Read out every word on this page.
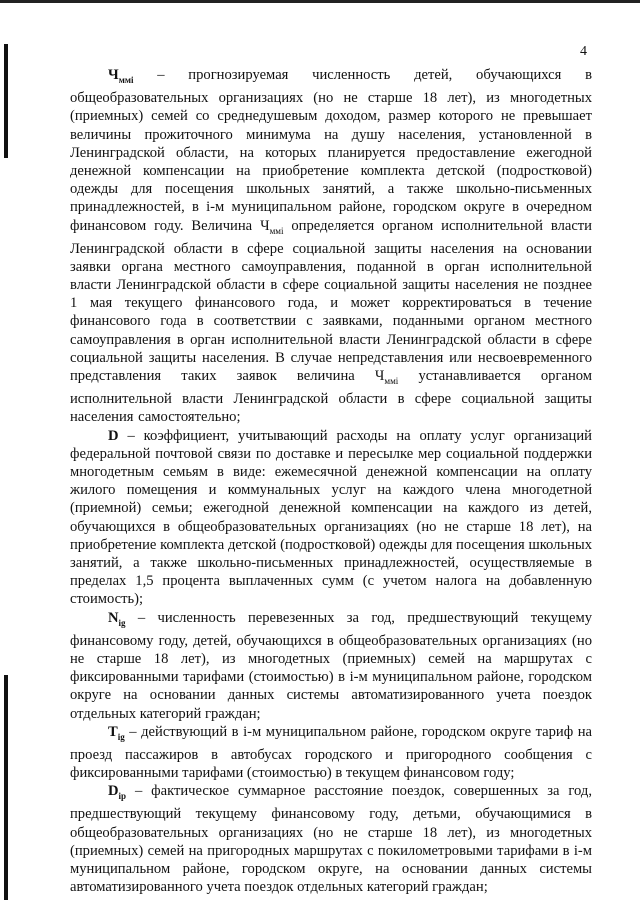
4

$Ч_{ммі}$ – прогнозируемая численность детей, обучающихся в общеобразовательных организациях (но не старше 18 лет), из многодетных (приемных) семей со среднедушевым доходом, размер которого не превышает величины прожиточного минимума на душу населения, установленной в Ленинградской области, на которых планируется предоставление ежегодной денежной компенсации на приобретение комплекта детской (подростковой) одежды для посещения школьных занятий, а также школьно-письменных принадлежностей, в і-м муниципальном районе, городском округе в очередном финансовом году. Величина $Ч_{ммі}$ определяется органом исполнительной власти Ленинградской области в сфере социальной защиты населения на основании заявки органа местного самоуправления, поданной в орган исполнительной власти Ленинградской области в сфере социальной защиты населения не позднее 1 мая текущего финансового года, и может корректироваться в течение финансового года в соответствии с заявками, поданными органом местного самоуправления в орган исполнительной власти Ленинградской области в сфере социальной защиты населения. В случае непредставления или несвоевременного представления таких заявок величина $Ч_{ммі}$ устанавливается органом исполнительной власти Ленинградской области в сфере социальной защиты населения самостоятельно;

D – коэффициент, учитывающий расходы на оплату услуг организаций федеральной почтовой связи по доставке и пересылке мер социальной поддержки многодетным семьям в виде: ежемесячной денежной компенсации на оплату жилого помещения и коммунальных услуг на каждого члена многодетной (приемной) семьи; ежегодной денежной компенсации на каждого из детей, обучающихся в общеобразовательных организациях (но не старше 18 лет), на приобретение комплекта детской (подростковой) одежды для посещения школьных занятий, а также школьно-письменных принадлежностей, осуществляемые в пределах 1,5 процента выплаченных сумм (с учетом налога на добавленную стоимость);

$N_{ig}$ – численность перевезенных за год, предшествующий текущему финансовому году, детей, обучающихся в общеобразовательных организациях (но не старше 18 лет), из многодетных (приемных) семей на маршрутах с фиксированными тарифами (стоимостью) в і-м муниципальном районе, городском округе на основании данных системы автоматизированного учета поездок отдельных категорий граждан;

$T_{ig}$ – действующий в і-м муниципальном районе, городском округе тариф на проезд пассажиров в автобусах городского и пригородного сообщения с фиксированными тарифами (стоимостью) в текущем финансовом году;

$D_{ip}$ – фактическое суммарное расстояние поездок, совершенных за год, предшествующий текущему финансовому году, детьми, обучающимися в общеобразовательных организациях (но не старше 18 лет), из многодетных (приемных) семей на пригородных маршрутах с покилометровыми тарифами в і-м муниципальном районе, городском округе, на основании данных системы автоматизированного учета поездок отдельных категорий граждан;
